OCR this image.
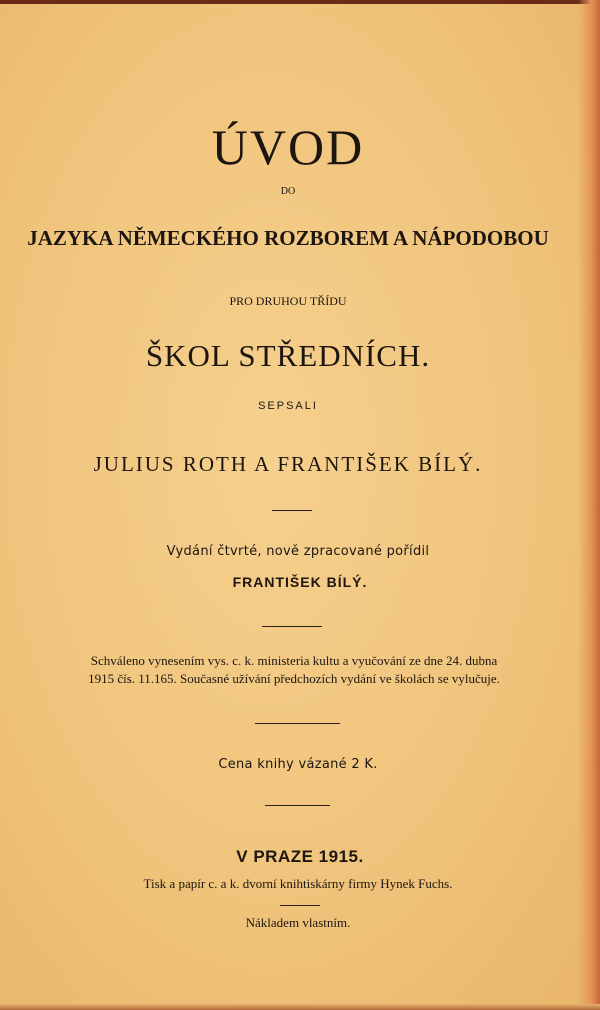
ÚVOD
DO
JAZYKA NĚMECKÉHO ROZBOREM A NÁPODOBOU
PRO DRUHOU TŘÍDU
ŠKOL STŘEDNÍCH.
SEPSALI
JULIUS ROTH A FRANTIŠEK BÍLÝ.
Vydání čtvrté, nově zpracované pořídil
FRANTIŠEK BÍLÝ.
Schváleno vynesením vys. c. k. ministeria kultu a vyučování ze dne 24. dubna
1915 čís. 11.165. Současné užívání předchozích vydání ve školách se vylučuje.
Cena knihy vázané 2 K.
V PRAZE 1915.
Tisk a papír c. a k. dvorní knihtiskárny firmy Hynek Fuchs.
Nákladem vlastním.
